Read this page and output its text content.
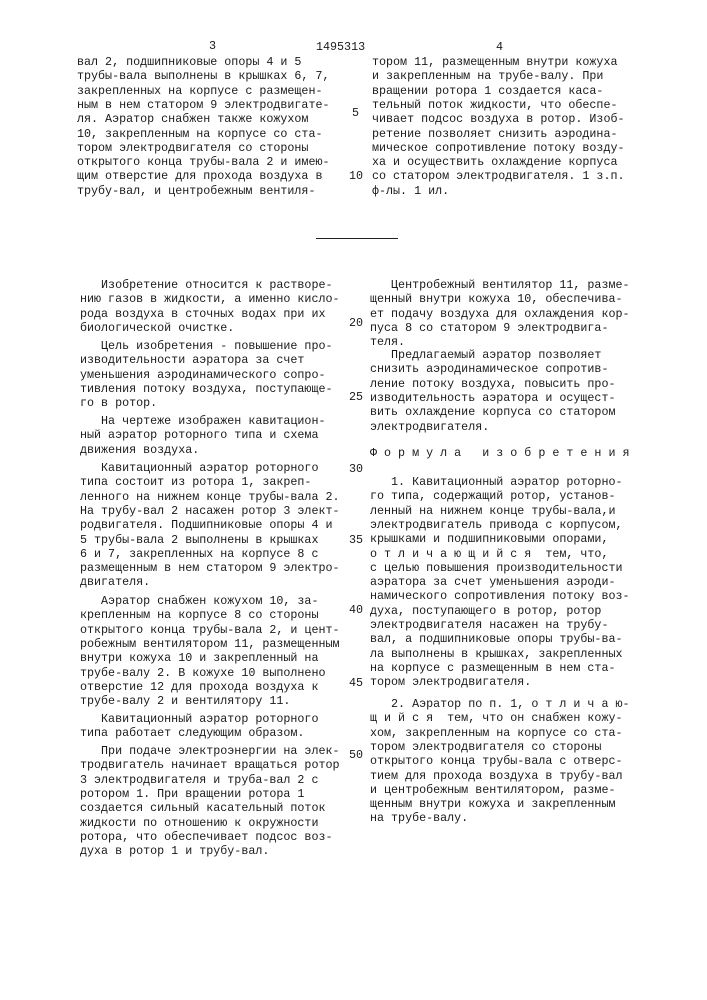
3	1495313	4
вал 2, подшипниковые опоры 4 и 5
трубы-вала выполнены в крышках 6, 7,
закрепленных на корпусе с размещен-
ным в нем статором 9 электродвигате-
ля. Аэратор снабжен также кожухом
10, закрепленным на корпусе со ста-
тором электродвигателя со стороны
открытого конца трубы-вала 2 и имею-
щим отверстие для прохода воздуха в
трубу-вал, и центробежным вентиля-
тором 11, размещенным внутри кожуха
и закрепленным на трубе-валу. При
вращении ротора 1 создается каса-
тельный поток жидкости, что обеспе-
чивает подсос воздуха в ротор. Изоб-
ретение позволяет снизить аэродина-
мическое сопротивление потоку возду-
ха и осуществить охлаждение корпуса
со статором электродвигателя. 1 з.п.
ф-лы. 1 ил.
5
10
Изобретение относится к растворе-
нию газов в жидкости, а именно кисло-
рода воздуха в сточных водах при их
биологической очистке.
Цель изобретения - повышение про-
изводительности аэратора за счет
уменьшения аэродинамического сопро-
тивления потоку воздуха, поступающе-
го в ротор.
На чертеже изображен кавитацион-
ный аэратор роторного типа и схема
движения воздуха.
Кавитационный аэратор роторного
типа состоит из ротора 1, закреп-
ленного на нижнем конце трубы-вала 2.
На трубу-вал 2 насажен ротор 3 элект-
родвигателя. Подшипниковые опоры 4 и
5 трубы-вала 2 выполнены в крышках
6 и 7, закрепленных на корпусе 8 с
размещенным в нем статором 9 электро-
двигателя.
Аэратор снабжен кожухом 10, за-
крепленным на корпусе 8 со стороны
открытого конца трубы-вала 2, и цент-
робежным вентилятором 11, размещенным
внутри кожуха 10 и закрепленный на
трубе-валу 2. В кожухе 10 выполнено
отверстие 12 для прохода воздуха к
трубе-валу 2 и вентилятору 11.
Кавитационный аэратор роторного
типа работает следующим образом.
При подаче электроэнергии на элек-
тродвигатель начинает вращаться ротор
3 электродвигателя и труба-вал 2 с
ротором 1. При вращении ротора 1
создается сильный касательный поток
жидкости по отношению к окружности
ротора, что обеспечивает подсос воз-
духа в ротор 1 и трубу-вал.
Центробежный вентилятор 11, разме-
щенный внутри кожуха 10, обеспечива-
ет подачу воздуха для охлаждения кор-
пуса 8 со статором 9 электродвига-
теля.
Предлагаемый аэратор позволяет
снизить аэродинамическое сопротив-
ление потоку воздуха, повысить про-
изводительность аэратора и осущест-
вить охлаждение корпуса со статором
электродвигателя.
Ф о р м у л а   и з о б р е т е н и я
1. Кавитационный аэратор роторно-
го типа, содержащий ротор, установ-
ленный на нижнем конце трубы-вала,и
электродвигатель привода с корпусом,
крышками и подшипниковыми опорами,
о т л и ч а ю щ и й с я  тем, что,
с целью повышения производительности
аэратора за счет уменьшения аэроди-
намического сопротивления потоку воз-
духа, поступающего в ротор, ротор
электродвигателя насажен на трубу-
вал, а подшипниковые опоры трубы-ва-
ла выполнены в крышках, закрепленных
на корпусе с размещенным в нем ста-
тором электродвигателя.
2. Аэратор по п. 1, о т л и ч а ю-
щ и й с я  тем, что он снабжен кожу-
хом, закрепленным на корпусе со ста-
тором электродвигателя со стороны
открытого конца трубы-вала с отверс-
тием для прохода воздуха в трубу-вал
и центробежным вентилятором, разме-
щенным внутри кожуха и закрепленным
на трубе-валу.
20
25
30
35
40
45
50
